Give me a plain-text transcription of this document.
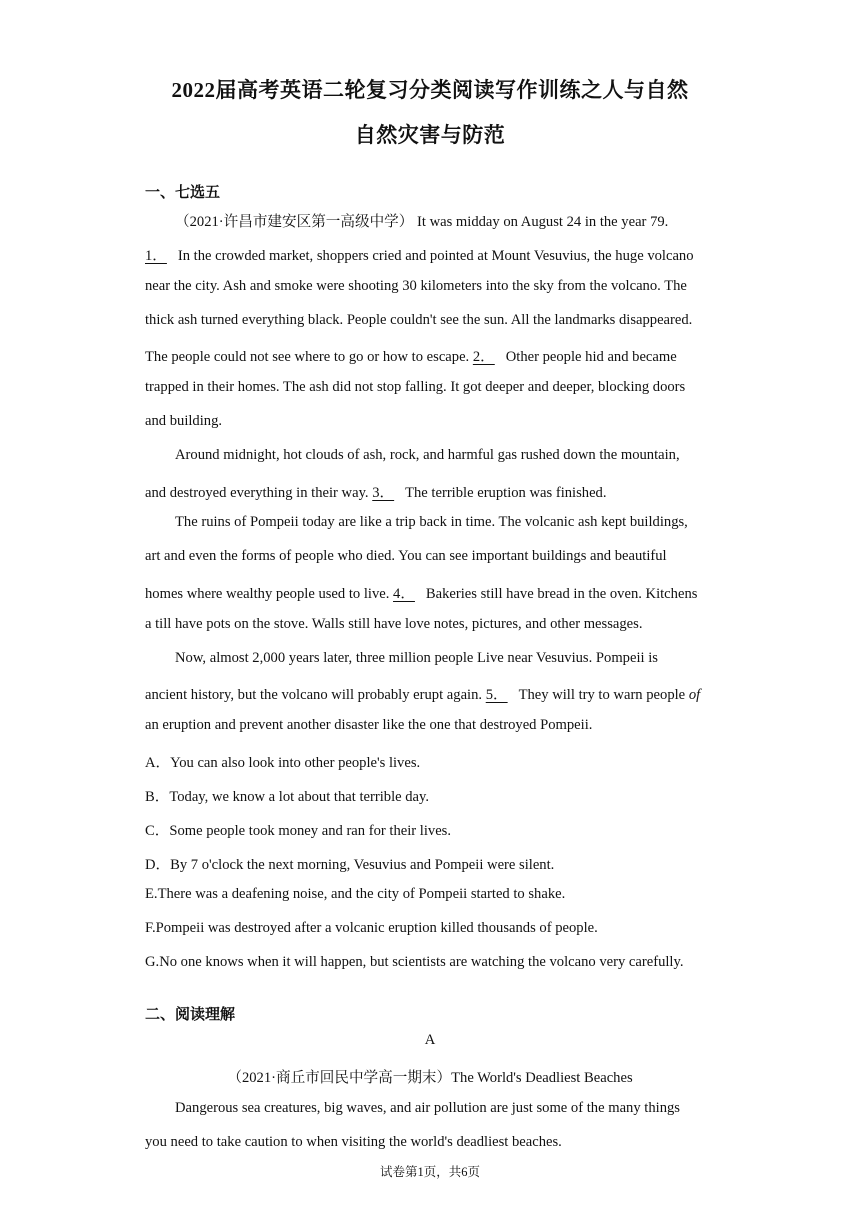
2022届高考英语二轮复习分类阅读写作训练之人与自然
自然灾害与防范
一、七选五
（2021·许昌市建安区第一高级中学） It was midday on August 24 in the year 79.
1． In the crowded market, shoppers cried and pointed at Mount Vesuvius, the huge volcano
near the city. Ash and smoke were shooting 30 kilometers into the sky from the volcano. The
thick ash turned everything black. People couldn't see the sun. All the landmarks disappeared.
The people could not see where to go or how to escape. 2． Other people hid and became
trapped in their homes. The ash did not stop falling. It got deeper and deeper, blocking doors
and building.
Around midnight, hot clouds of ash, rock, and harmful gas rushed down the mountain,
and destroyed everything in their way. 3． The terrible eruption was finished.
The ruins of Pompeii today are like a trip back in time. The volcanic ash kept buildings,
art and even the forms of people who died. You can see important buildings and beautiful
homes where wealthy people used to live. 4． Bakeries still have bread in the oven. Kitchens
a till have pots on the stove. Walls still have love notes, pictures, and other messages.
Now, almost 2,000 years later, three million people Live near Vesuvius. Pompeii is
ancient history, but the volcano will probably erupt again. 5． They will try to warn people of
an eruption and prevent another disaster like the one that destroyed Pompeii.
A．You can also look into other people's lives.
B．Today, we know a lot about that terrible day.
C．Some people took money and ran for their lives.
D．By 7 o'clock the next morning, Vesuvius and Pompeii were silent.
E.There was a deafening noise, and the city of Pompeii started to shake.
F.Pompeii was destroyed after a volcanic eruption killed thousands of people.
G.No one knows when it will happen, but scientists are watching the volcano very carefully.
二、阅读理解
A
（2021·商丘市回民中学高一期末）The World's Deadliest Beaches
Dangerous sea creatures, big waves, and air pollution are just some of the many things
you need to take caution to when visiting the world's deadliest beaches.
试卷第1页，共6页
